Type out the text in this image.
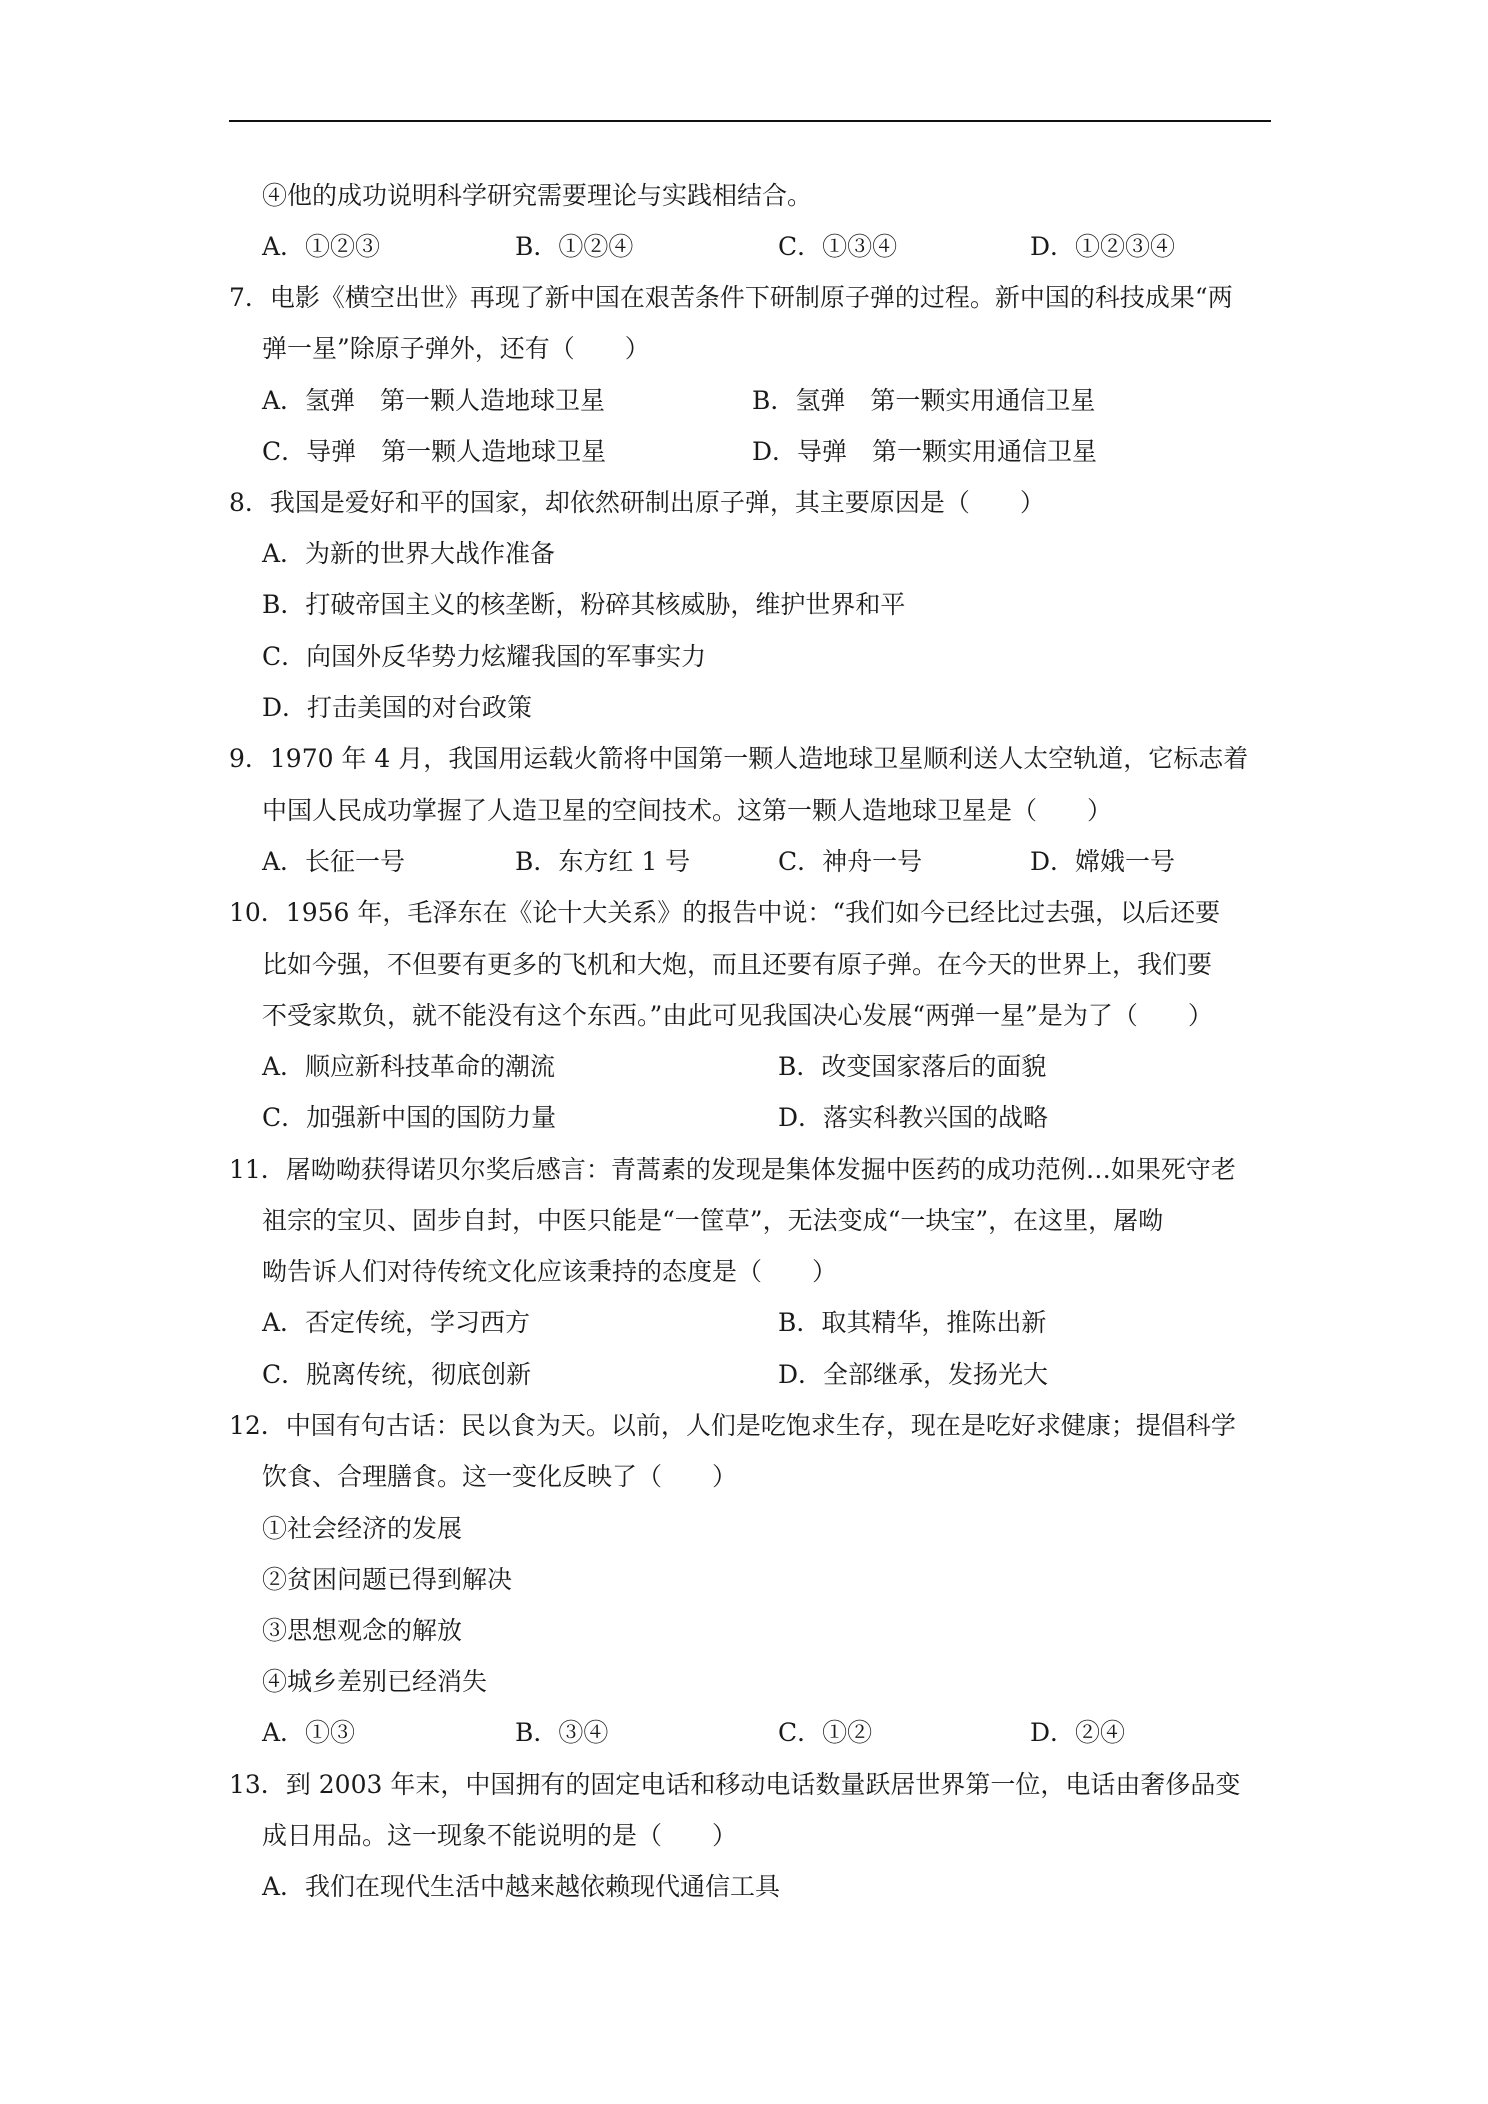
④他的成功说明科学研究需要理论与实践相结合。
7．电影《横空出世》再现了新中国在艰苦条件下研制原子弹的过程。新中国的科技成果“两
弹一星”除原子弹外，还有（　　）
8．我国是爱好和平的国家，却依然研制出原子弹，其主要原因是（　　）
A．为新的世界大战作准备
B．打破帝国主义的核垄断，粉碎其核威胁，维护世界和平
C．向国外反华势力炫耀我国的军事实力
D．打击美国的对台政策
9．1970 年 4 月，我国用运载火箭将中国第一颗人造地球卫星顺利送人太空轨道，它标志着
中国人民成功掌握了人造卫星的空间技术。这第一颗人造地球卫星是（　　）
10．1956 年，毛泽东在《论十大关系》的报告中说：“我们如今已经比过去强，以后还要
比如今强，不但要有更多的飞机和大炮，而且还要有原子弹。在今天的世界上，我们要
不受家欺负，就不能没有这个东西。”由此可见我国决心发展“两弹一星”是为了（　　）
11．屠呦呦获得诺贝尔奖后感言：青蒿素的发现是集体发掘中医药的成功范例…如果死守老
祖宗的宝贝、固步自封，中医只能是“一筐草”，无法变成“一块宝”，在这里，屠呦
呦告诉人们对待传统文化应该秉持的态度是（　　）
12．中国有句古话：民以食为天。以前，人们是吃饱求生存，现在是吃好求健康；提倡科学
饮食、合理膳食。这一变化反映了（　　）
①社会经济的发展
②贫困问题已得到解决
③思想观念的解放
④城乡差别已经消失
13．到 2003 年末，中国拥有的固定电话和移动电话数量跃居世界第一位，电话由奢侈品变
成日用品。这一现象不能说明的是（　　）
A．我们在现代生活中越来越依赖现代通信工具
A．①②③	B．①②④	C．①③④	D．①②③④
A．氢弹　第一颗人造地球卫星	B．氢弹　第一颗实用通信卫星
C．导弹　第一颗人造地球卫星	D．导弹　第一颗实用通信卫星
A．长征一号	B．东方红 1 号	C．神舟一号	D．嫦娥一号
A．顺应新科技革命的潮流	B．改变国家落后的面貌
C．加强新中国的国防力量	D．落实科教兴国的战略
A．否定传统，学习西方	B．取其精华，推陈出新
C．脱离传统，彻底创新	D．全部继承，发扬光大
A．①③	B．③④	C．①②	D．②④
